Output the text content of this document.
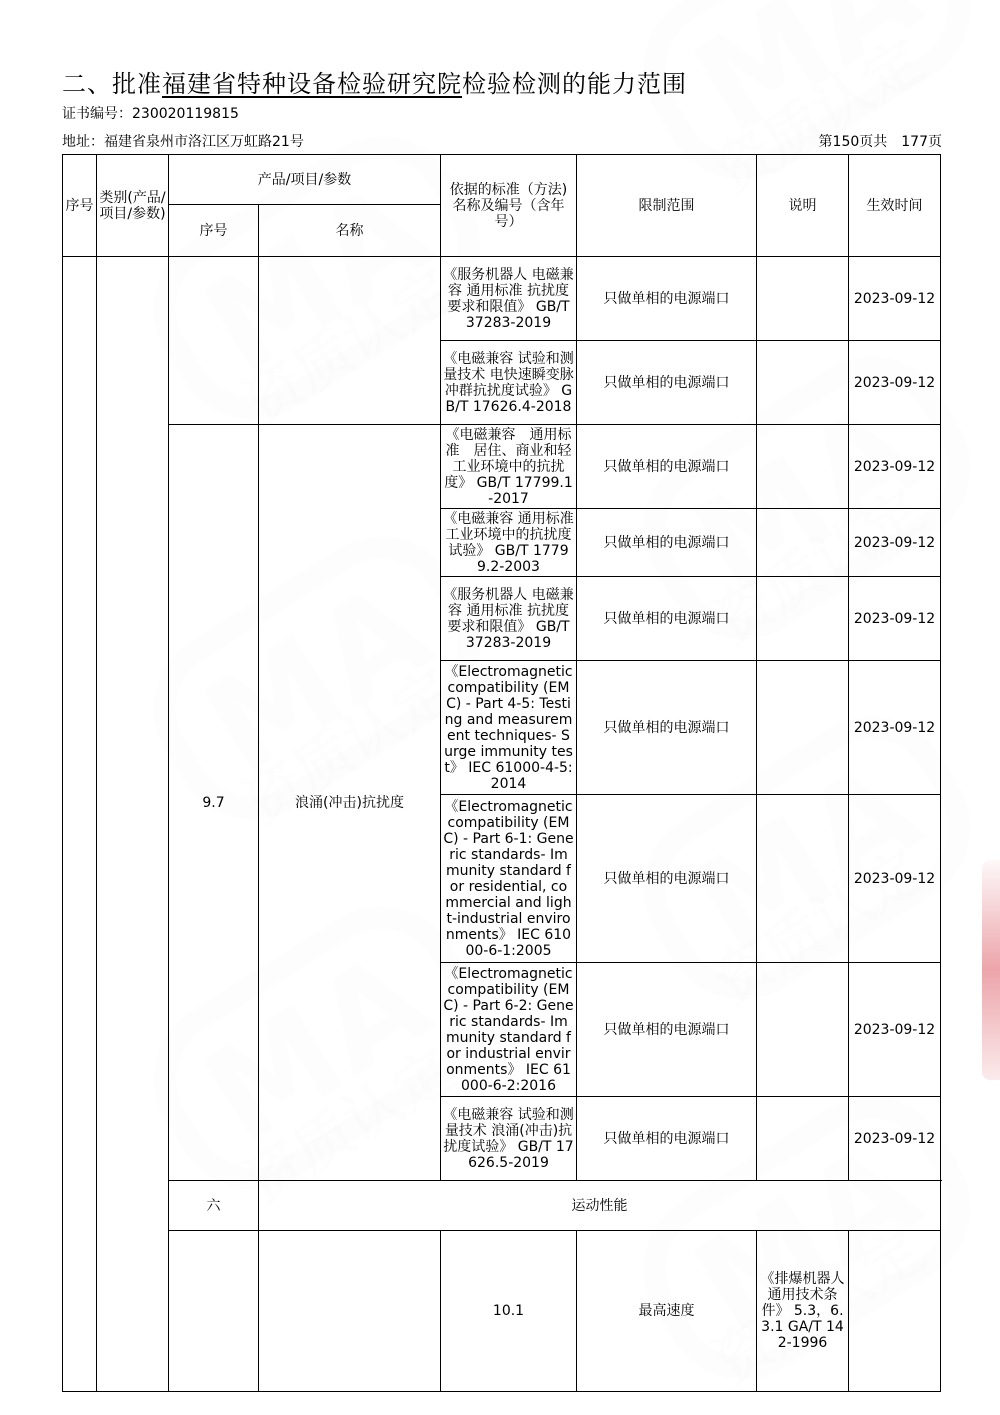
二、批准福建省特种设备检验研究院检验检测的能力范围
证书编号：230020119815
地址：福建省泉州市洛江区万虹路21号	第150页共　177页
序号	类别(产品/项目/参数)	产品/项目/参数		依据的标准（方法)名称及编号（含年号）	限制范围	说明	生效时间	
		序号	名称					
				《服务机器人 电磁兼容 通用标准 抗扰度要求和限值》 GB/T 37283-2019	只做单相的电源端口		2023-09-12	
				《电磁兼容 试验和测量技术 电快速瞬变脉冲群抗扰度试验》 GB/T 17626.4-2018	只做单相的电源端口		2023-09-12	
		9.7	浪涌(冲击)抗扰度	《电磁兼容　通用标准　居住、商业和轻工业环境中的抗扰度》 GB/T 17799.1-2017	只做单相的电源端口		2023-09-12	
				《电磁兼容 通用标准 工业环境中的抗扰度试验》 GB/T 17799.2-2003	只做单相的电源端口		2023-09-12	
				《服务机器人 电磁兼容 通用标准 抗扰度要求和限值》 GB/T 37283-2019	只做单相的电源端口		2023-09-12	
				《Electromagnetic compatibility (EMC) - Part 4-5: Testing and measurement techniques- Surge immunity test》 IEC 61000-4-5:2014	只做单相的电源端口		2023-09-12	
				《Electromagnetic compatibility (EMC) - Part 6-1: Generic standards- Immunity standard for residential, commercial and light-industrial environments》 IEC 61000-6-1:2005	只做单相的电源端口		2023-09-12	
				《Electromagnetic compatibility (EMC) - Part 6-2: Generic standards- Immunity standard for industrial environments》 IEC 61000-6-2:2016	只做单相的电源端口		2023-09-12	
				《电磁兼容 试验和测量技术 浪涌(冲击)抗扰度试验》 GB/T 17626.5-2019	只做单相的电源端口		2023-09-12	
		六	运动性能					
				10.1	最高速度	《排爆机器人通用技术条件》 5.3，6.3.1 GA/T 142-1996			
